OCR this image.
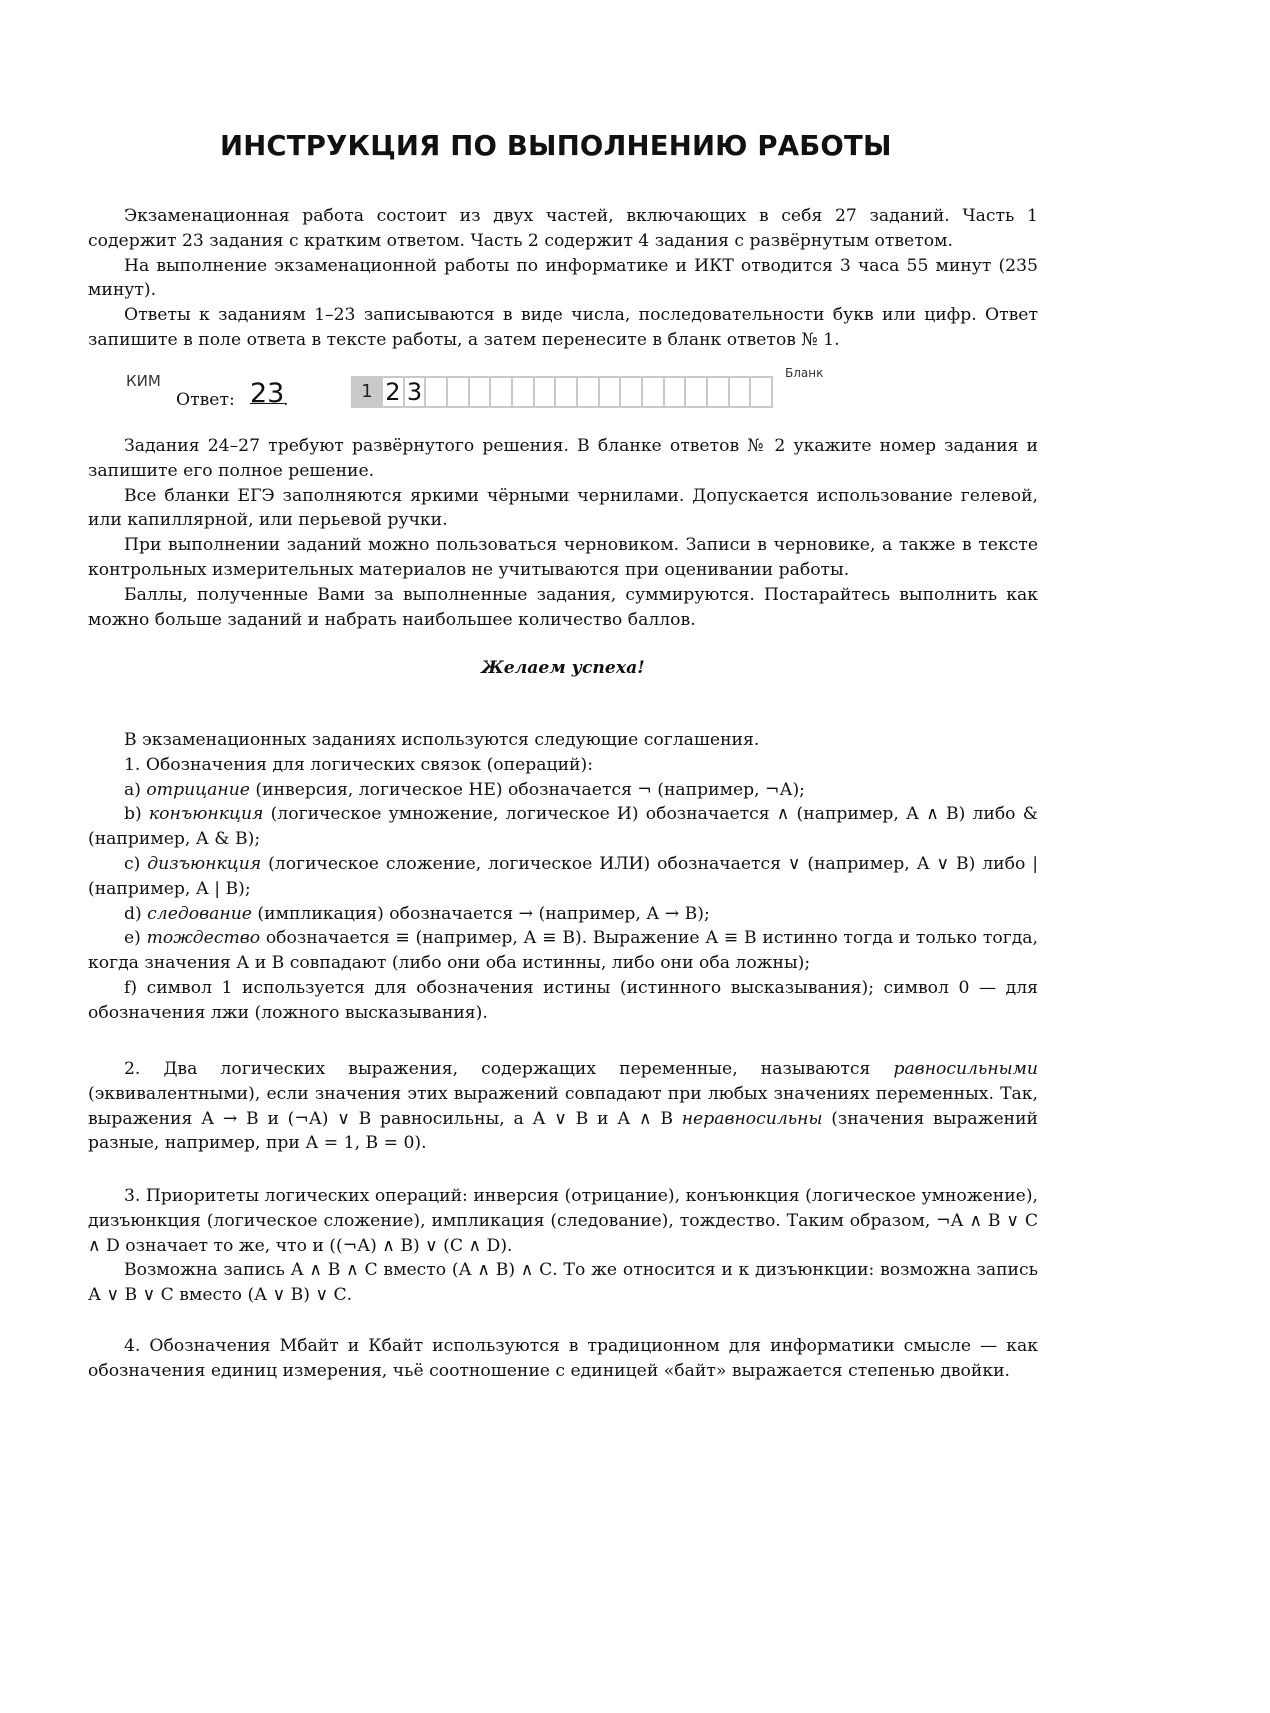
ИНСТРУКЦИЯ ПО ВЫПОЛНЕНИЮ РАБОТЫ

Экзаменационная работа состоит из двух частей, включающих в себя 27 заданий. Часть 1 содержит 23 задания с кратким ответом. Часть 2 содержит 4 задания с развёрнутым ответом.

На выполнение экзаменационной работы по информатике и ИКТ отводится 3 часа 55 минут (235 минут).

Ответы к заданиям 1–23 записываются в виде числа, последовательности букв или цифр. Ответ запишите в поле ответа в тексте работы, а затем перенесите в бланк ответов № 1.

КИМ
Ответ: 23
.	1 2 3
Бланк

Задания 24–27 требуют развёрнутого решения. В бланке ответов № 2 укажите номер задания и запишите его полное решение.

Все бланки ЕГЭ заполняются яркими чёрными чернилами. Допускается использование гелевой, или капиллярной, или перьевой ручки.

При выполнении заданий можно пользоваться черновиком. Записи в черновике, а также в тексте контрольных измерительных материалов не учитываются при оценивании работы.

Баллы, полученные Вами за выполненные задания, суммируются. Постарайтесь выполнить как можно больше заданий и набрать наибольшее количество баллов.

Желаем успеха!

В экзаменационных заданиях используются следующие соглашения.

1. Обозначения для логических связок (операций):

a) отрицание (инверсия, логическое НЕ) обозначается ¬ (например, ¬А);

b) конъюнкция (логическое умножение, логическое И) обозначается ∧ (например, А ∧ В) либо & (например, А & В);

c) дизъюнкция (логическое сложение, логическое ИЛИ) обозначается ∨ (например, А ∨ В) либо | (например, А | В);

d) следование (импликация) обозначается → (например, А → В);

e) тождество обозначается ≡ (например, А ≡ В). Выражение А ≡ В истинно тогда и только тогда, когда значения А и В совпадают (либо они оба истинны, либо они оба ложны);

f) символ 1 используется для обозначения истины (истинного высказывания); символ 0 — для обозначения лжи (ложного высказывания).

2. Два логических выражения, содержащих переменные, называются равносильными (эквивалентными), если значения этих выражений совпадают при любых значениях переменных. Так, выражения А → В и (¬А) ∨ В равносильны, а А ∨ В и А ∧ В неравносильны (значения выражений разные, например, при А = 1, В = 0).

3. Приоритеты логических операций: инверсия (отрицание), конъюнкция (логическое умножение), дизъюнкция (логическое сложение), импликация (следование), тождество. Таким образом, ¬А ∧ В ∨ С ∧ D означает то же, что и ((¬А) ∧ В) ∨ (С ∧ D).

Возможна запись А ∧ В ∧ С вместо (А ∧ В) ∧ С. То же относится и к дизъюнкции: возможна запись А ∨ В ∨ С вместо (А ∨ В) ∨ С.

4. Обозначения Мбайт и Кбайт используются в традиционном для информатики смысле — как обозначения единиц измерения, чьё соотношение с единицей «байт» выражается степенью двойки.
